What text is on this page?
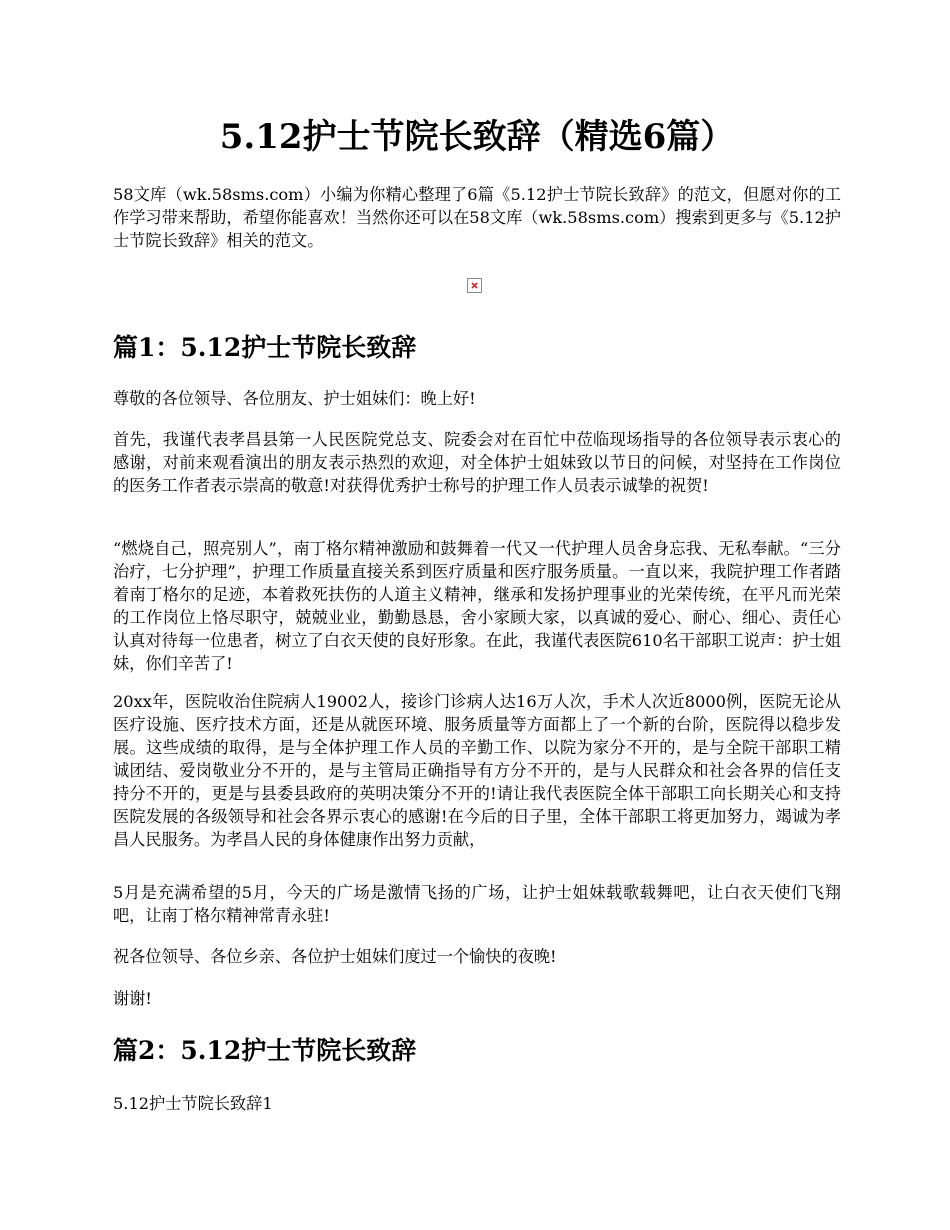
5.12护士节院长致辞（精选6篇）

58文库（wk.58sms.com）小编为你精心整理了6篇《5.12护士节院长致辞》的范文，但愿对你的工作学习带来帮助，希望你能喜欢！当然你还可以在58文库（wk.58sms.com）搜索到更多与《5.12护士节院长致辞》相关的范文。

篇1：5.12护士节院长致辞

尊敬的各位领导、各位朋友、护士姐妹们：晚上好!

首先，我谨代表孝昌县第一人民医院党总支、院委会对在百忙中莅临现场指导的各位领导表示衷心的感谢，对前来观看演出的朋友表示热烈的欢迎，对全体护士姐妹致以节日的问候，对坚持在工作岗位的医务工作者表示崇高的敬意!对获得优秀护士称号的护理工作人员表示诚挚的祝贺!

“燃烧自己，照亮别人”，南丁格尔精神激励和鼓舞着一代又一代护理人员舍身忘我、无私奉献。“三分治疗，七分护理”，护理工作质量直接关系到医疗质量和医疗服务质量。一直以来，我院护理工作者踏着南丁格尔的足迹，本着救死扶伤的人道主义精神，继承和发扬护理事业的光荣传统，在平凡而光荣的工作岗位上恪尽职守，兢兢业业，勤勤恳恳，舍小家顾大家，以真诚的爱心、耐心、细心、责任心认真对待每一位患者，树立了白衣天使的良好形象。在此，我谨代表医院610名干部职工说声：护士姐妹，你们辛苦了!

20xx年，医院收治住院病人19002人，接诊门诊病人达16万人次，手术人次近8000例，医院无论从医疗设施、医疗技术方面，还是从就医环境、服务质量等方面都上了一个新的台阶，医院得以稳步发展。这些成绩的取得，是与全体护理工作人员的辛勤工作、以院为家分不开的，是与全院干部职工精诚团结、爱岗敬业分不开的，是与主管局正确指导有方分不开的，是与人民群众和社会各界的信任支持分不开的，更是与县委县政府的英明决策分不开的!请让我代表医院全体干部职工向长期关心和支持医院发展的各级领导和社会各界示衷心的感谢!在今后的日子里，全体干部职工将更加努力，竭诚为孝昌人民服务。为孝昌人民的身体健康作出努力贡献，

5月是充满希望的5月，今天的广场是激情飞扬的广场，让护士姐妹载歌载舞吧，让白衣天使们飞翔吧，让南丁格尔精神常青永驻!

祝各位领导、各位乡亲、各位护士姐妹们度过一个愉快的夜晚!

谢谢!

篇2：5.12护士节院长致辞

5.12护士节院长致辞1
